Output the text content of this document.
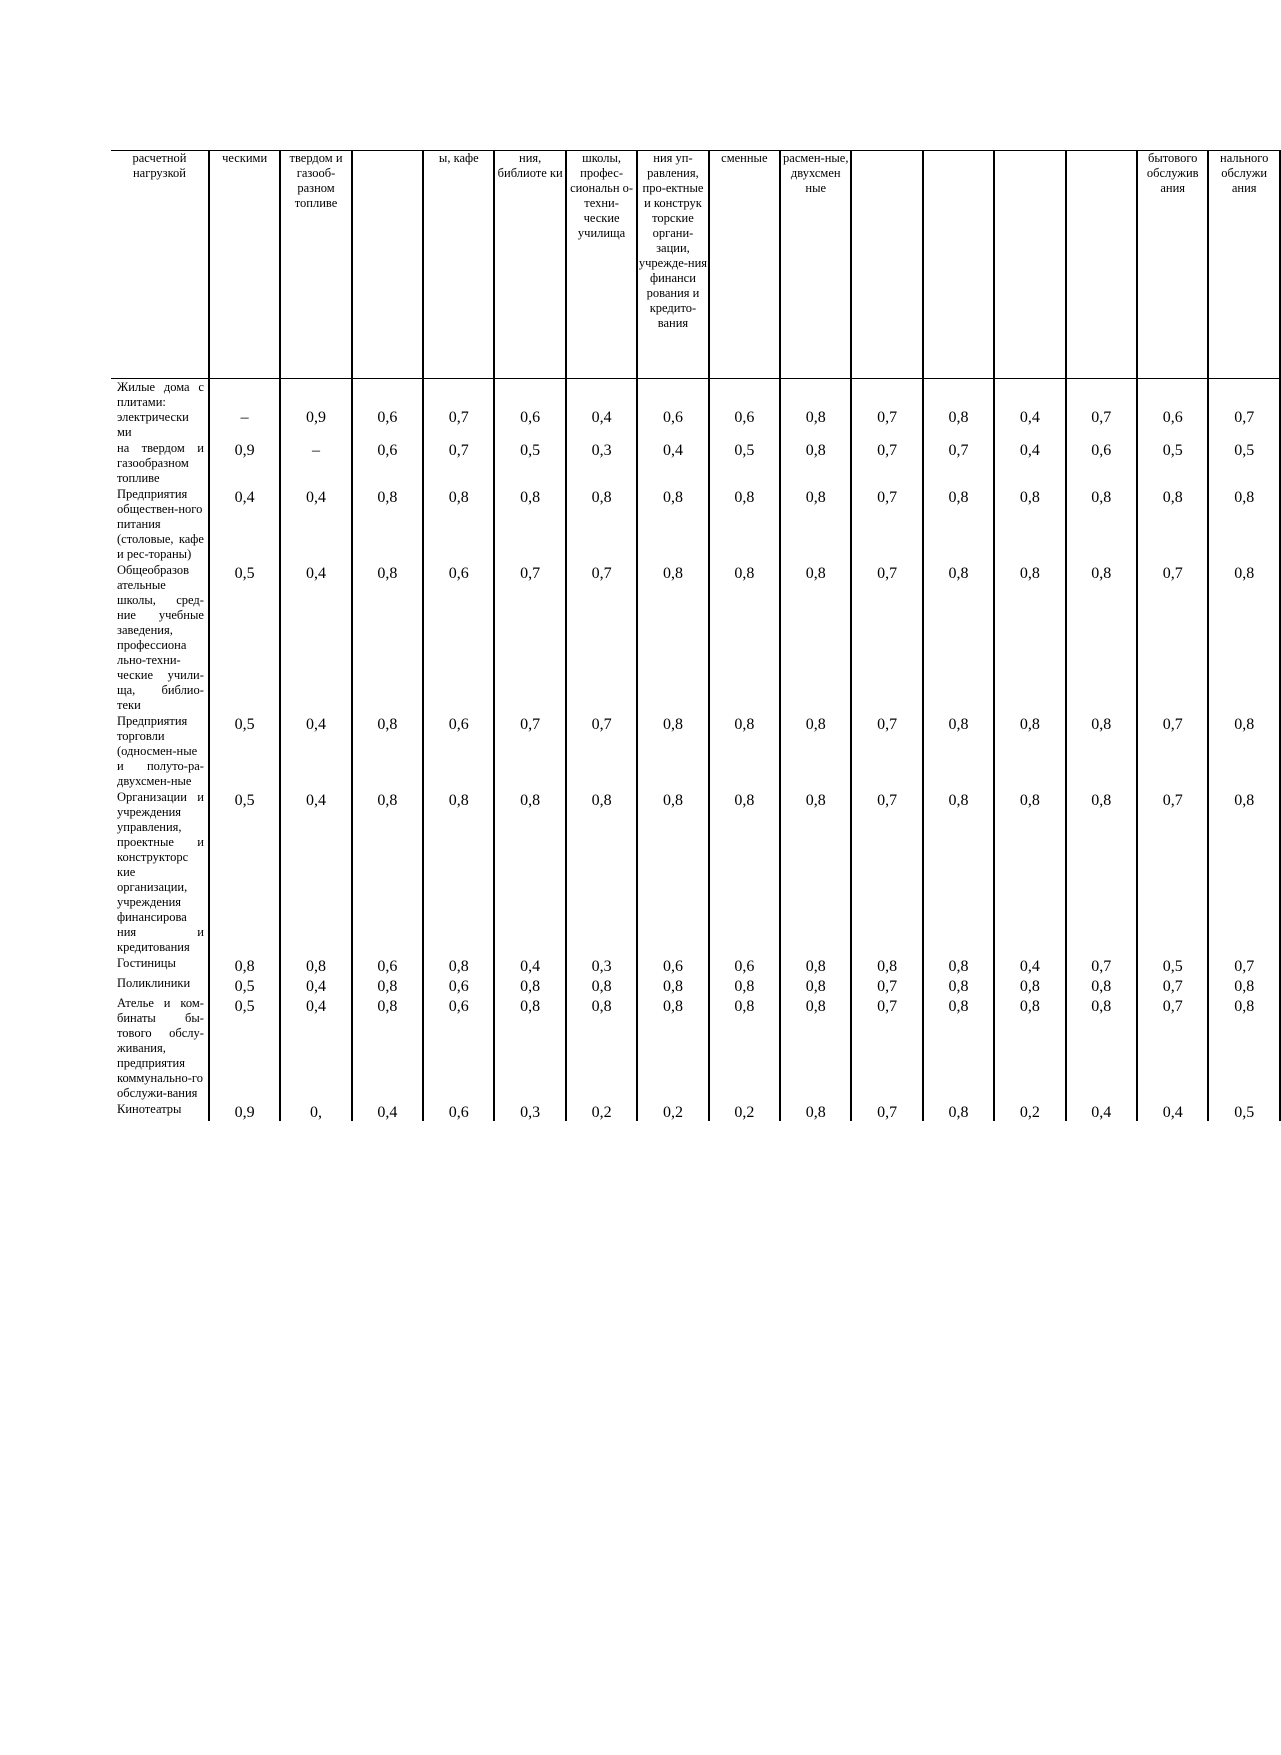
расчетной нагрузкой	ческими	твердом и газооб-разном топливе		ы, кафе	ния, библиоте ки	школы, профес-сиональн о-техни-ческие училища	ния уп-равления, про-ектные и конструк торские органи-зации, учрежде-ния финанси рования и кредито-вания	сменные	расмен-ные, двухсмен ные					бытового обслужив ания	нального обслужи ания

Жилые дома с плитами:
электрически ми	–	0,9	0,6	0,7	0,6	0,4	0,6	0,6	0,8	0,7	0,8	0,4	0,7	0,6	0,7

на твердом и газообразном топливе	0,9	–	0,6	0,7	0,5	0,3	0,4	0,5	0,8	0,7	0,7	0,4	0,6	0,5	0,5

Предприятия обществен-ного питания (столовые, кафе и рес-тораны)	0,4	0,4	0,8	0,8	0,8	0,8	0,8	0,8	0,8	0,7	0,8	0,8	0,8	0,8	0,8

Общеобразов ательные школы, сред-ние учебные заведения, профессиона льно-техни-ческие учили-ща, библио-теки	0,5	0,4	0,8	0,6	0,7	0,7	0,8	0,8	0,8	0,7	0,8	0,8	0,8	0,7	0,8

Предприятия торговли (односмен-ные и полуто-ра-двухсмен-ные	0,5	0,4	0,8	0,6	0,7	0,7	0,8	0,8	0,8	0,7	0,8	0,8	0,8	0,7	0,8

Организации и учреждения управления, проектные и конструкторс кие организации, учреждения финансирова ния и кредитования	0,5	0,4	0,8	0,8	0,8	0,8	0,8	0,8	0,8	0,7	0,8	0,8	0,8	0,7	0,8

Гостиницы	0,8	0,8	0,6	0,8	0,4	0,3	0,6	0,6	0,8	0,8	0,8	0,4	0,7	0,5	0,7

Поликлиники	0,5	0,4	0,8	0,6	0,8	0,8	0,8	0,8	0,8	0,7	0,8	0,8	0,8	0,7	0,8

Ателье и ком-бинаты бы-тового обслу-живания, предприятия коммунально-го обслужи-вания	0,5	0,4	0,8	0,6	0,8	0,8	0,8	0,8	0,8	0,7	0,8	0,8	0,8	0,7	0,8

Кинотеатры	0,9	0,	0,4	0,6	0,3	0,2	0,2	0,2	0,8	0,7	0,8	0,2	0,4	0,4	0,5
